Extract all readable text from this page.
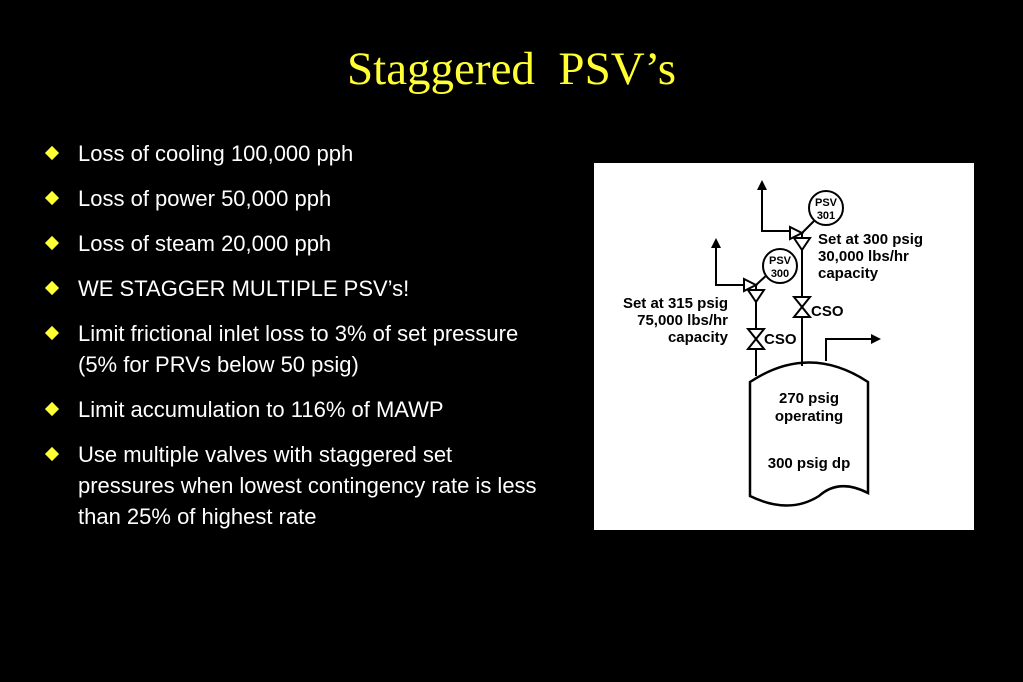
Staggered  PSV’s
Loss of cooling 100,000 pph
Loss of power 50,000 pph
Loss of steam 20,000 pph
WE STAGGER MULTIPLE PSV’s!
Limit frictional inlet loss to 3% of set pressure (5% for PRVs below 50 psig)
Limit accumulation to 116% of MAWP
Use multiple valves with staggered set pressures when lowest contingency rate is less than 25% of highest rate
PSV
300
PSV
301
Set at 300 psig
30,000 lbs/hr
capacity
Set at 315 psig
75,000 lbs/hr
capacity
CSO
CSO
270 psig
operating
300 psig dp
